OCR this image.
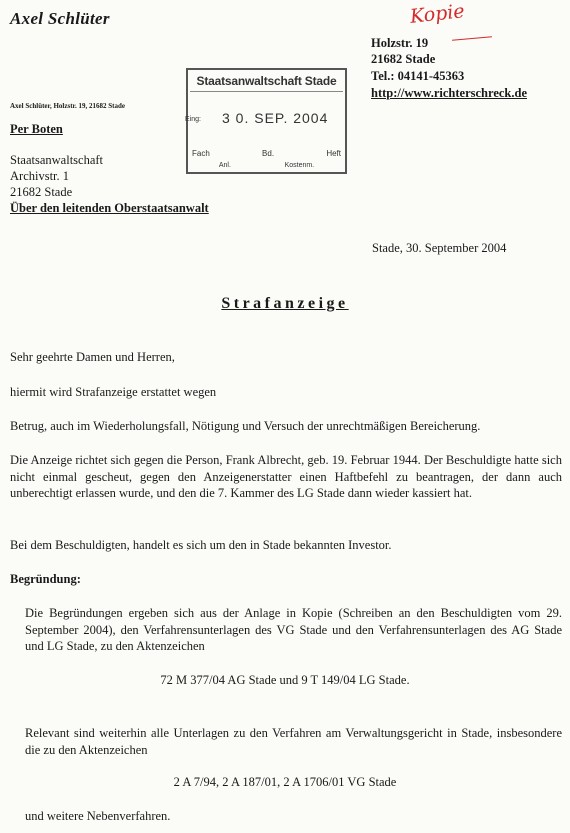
Axel Schlüter	Kopie
Holzstr. 19
21682 Stade
Tel.: 04141-45363
http://www.richterschreck.de
Staatsanwaltschaft Stade
Eing: 3 0. SEP. 2004
Fach	Bd.	Heft
Anl.	Kostenm.
Axel Schlüter, Holzstr. 19, 21682 Stade
Per Boten
Staatsanwaltschaft
Archivstr. 1
21682 Stade
Über den leitenden Oberstaatsanwalt
Stade, 30. September 2004
Strafanzeige
Sehr geehrte Damen und Herren,
hiermit wird Strafanzeige erstattet wegen
Betrug, auch im Wiederholungsfall, Nötigung und Versuch der unrechtmäßigen Bereicherung.
Die Anzeige richtet sich gegen die Person, Frank Albrecht, geb. 19. Februar 1944. Der Beschuldigte hatte sich nicht einmal gescheut, gegen den Anzeigenerstatter einen Haftbefehl zu beantragen, der dann auch unberechtigt erlassen wurde, und den die 7. Kammer des LG Stade dann wieder kassiert hat.
Bei dem Beschuldigten, handelt es sich um den in Stade bekannten Investor.
Begründung:
Die Begründungen ergeben sich aus der Anlage in Kopie (Schreiben an den Beschuldigten vom 29. September 2004), den Verfahrensunterlagen des VG Stade und den Verfahrensunterlagen des AG Stade und LG Stade, zu den Aktenzeichen
72 M 377/04 AG Stade und 9 T 149/04 LG Stade.
Relevant sind weiterhin alle Unterlagen zu den Verfahren am Verwaltungsgericht in Stade, insbesondere die zu den Aktenzeichen
2 A 7/94, 2 A 187/01, 2 A 1706/01 VG Stade
und weitere Nebenverfahren.
